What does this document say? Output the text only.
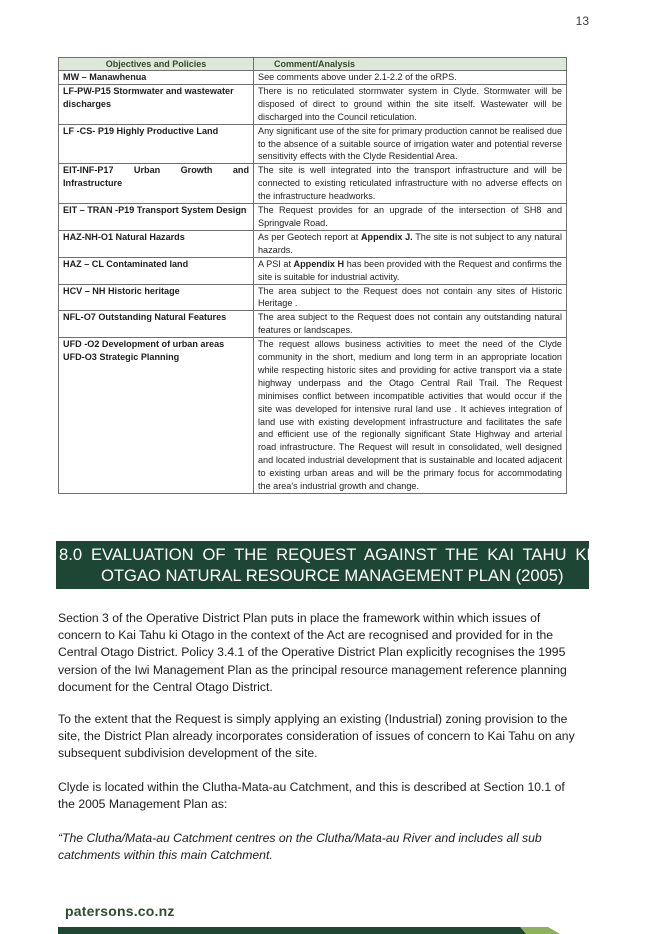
13
Objectives and Policies	Comment/Analysis
MW – Manawhenua	See comments above under 2.1-2.2 of the oRPS.
LF-PW-P15 Stormwater and wastewater discharges	There is no reticulated stormwater system in Clyde. Stormwater will be disposed of direct to ground within the site itself. Wastewater will be discharged into the Council reticulation.
LF -CS- P19 Highly Productive Land	Any significant use of the site for primary production cannot be realised due to the absence of a suitable source of irrigation water and potential reverse sensitivity effects with the Clyde Residential Area.
EIT-INF-P17 Urban Growth and Infrastructure	The site is well integrated into the transport infrastructure and will be connected to existing reticulated infrastructure with no adverse effects on the infrastructure headworks.
EIT – TRAN -P19 Transport System Design	The Request provides for an upgrade of the intersection of SH8 and Springvale Road.
HAZ-NH-O1 Natural Hazards	As per Geotech report at Appendix J. The site is not subject to any natural hazards.
HAZ – CL Contaminated land	A PSI at Appendix H has been provided with the Request and confirms the site is suitable for industrial activity.
HCV – NH Historic heritage	The area subject to the Request does not contain any sites of Historic Heritage .
NFL-O7 Outstanding Natural Features	The area subject to the Request does not contain any outstanding natural features or landscapes.

UFD -O2 Development of urban areas
UFD-O3 Strategic Planning	The request allows business activities to meet the need of the Clyde community in the short, medium and long term in an appropriate location while respecting historic sites and providing for active transport via a state highway underpass and the Otago Central Rail Trail. The Request minimises conflict between incompatible activities that would occur if the site was developed for intensive rural land use . It achieves integration of land use with existing development infrastructure and facilitates the safe and efficient use of the regionally significant State Highway and arterial road infrastructure. The Request will result in consolidated, well designed and located industrial development that is sustainable and located adjacent to existing urban areas and will be the primary focus for accommodating the area's industrial growth and change.
8.0 EVALUATION OF THE REQUEST AGAINST THE KAI TAHU KI
OTGAO NATURAL RESOURCE MANAGEMENT PLAN (2005)

Section 3 of the Operative District Plan puts in place the framework within which issues of concern to Kai Tahu ki Otago in the context of the Act are recognised and provided for in the Central Otago District. Policy 3.4.1 of the Operative District Plan explicitly recognises the 1995 version of the Iwi Management Plan as the principal resource management reference planning document for the Central Otago District.

To the extent that the Request is simply applying an existing (Industrial) zoning provision to the site, the District Plan already incorporates consideration of issues of concern to Kai Tahu on any subsequent subdivision development of the site.

Clyde is located within the Clutha-Mata-au Catchment, and this is described at Section 10.1 of the 2005 Management Plan as:

“The Clutha/Mata-au Catchment centres on the Clutha/Mata-au River and includes all sub catchments within this main Catchment.

patersons.co.nz
